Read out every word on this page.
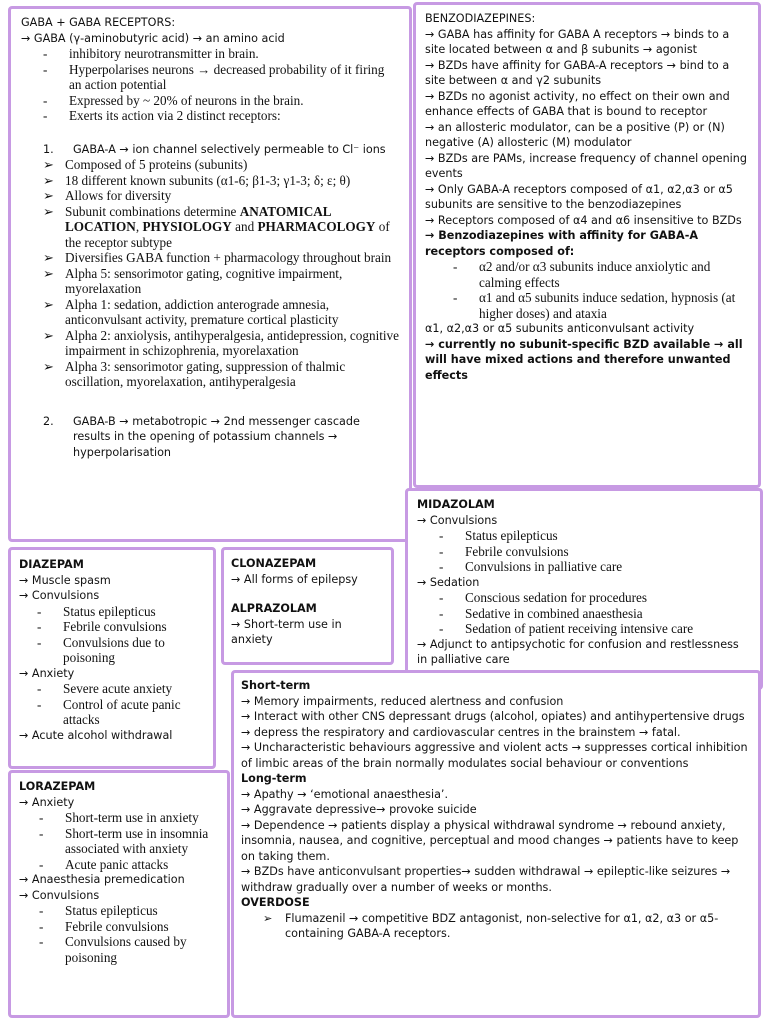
GABA + GABA RECEPTORS:
→ GABA (γ-aminobutyric acid) → an amino acid
-	inhibitory neurotransmitter in brain.
-	Hyperpolarises neurons → decreased probability of it firing an action potential
-	Expressed by ~ 20% of neurons in the brain.
-	Exerts its action via 2 distinct receptors:
1.	GABA-A → ion channel selectively permeable to Cl⁻ ions
➢ Composed of 5 proteins (subunits)
➢ 18 different known subunits (α1-6; β1-3; γ1-3; δ; ε; θ)
➢ Allows for diversity
➢ Subunit combinations determine ANATOMICAL LOCATION, PHYSIOLOGY and PHARMACOLOGY of the receptor subtype
➢ Diversifies GABA function + pharmacology throughout brain
➢ Alpha 5: sensorimotor gating, cognitive impairment, myorelaxation
➢ Alpha 1: sedation, addiction anterograde amnesia, anticonvulsant activity, premature cortical plasticity
➢ Alpha 2: anxiolysis, antihyperalgesia, antidepression, cognitive impairment in schizophrenia, myorelaxation
➢ Alpha 3: sensorimotor gating, suppression of thalmic oscillation, myorelaxation, antihyperalgesia
2.	GABA-B → metabotropic → 2nd messenger cascade results in the opening of potassium channels → hyperpolarisation
BENZODIAZEPINES:
→ GABA has affinity for GABA A receptors → binds to a site located between α and β subunits → agonist
→ BZDs have affinity for GABA-A receptors → bind to a site between α and γ2 subunits
→ BZDs no agonist activity, no effect on their own and enhance effects of GABA that is bound to receptor
→ an allosteric modulator, can be a positive (P) or (N) negative (A) allosteric (M) modulator
→ BZDs are PAMs, increase frequency of channel opening events
→ Only GABA-A receptors composed of α1, α2,α3 or α5 subunits are sensitive to the benzodiazepines
→ Receptors composed of α4 and α6 insensitive to BZDs
→ Benzodiazepines with affinity for GABA-A receptors composed of:
-	α2 and/or α3 subunits induce anxiolytic and calming effects
-	α1 and α5 subunits induce sedation, hypnosis (at higher doses) and ataxia
α1, α2,α3 or α5 subunits anticonvulsant activity
→ currently no subunit-specific BZD available → all will have mixed actions and therefore unwanted effects
MIDAZOLAM
→ Convulsions
-	Status epilepticus
-	Febrile convulsions
-	Convulsions in palliative care
→ Sedation
-	Conscious sedation for procedures
-	Sedative in combined anaesthesia
-	Sedation of patient receiving intensive care
→ Adjunct to antipsychotic for confusion and restlessness in palliative care
DIAZEPAM
→ Muscle spasm
→ Convulsions
-	Status epilepticus
-	Febrile convulsions
-	Convulsions due to poisoning
→ Anxiety
-	Severe acute anxiety
-	Control of acute panic attacks
→ Acute alcohol withdrawal
CLONAZEPAM
→ All forms of epilepsy
ALPRAZOLAM
→ Short-term use in anxiety
LORAZEPAM
→ Anxiety
-	Short-term use in anxiety
-	Short-term use in insomnia associated with anxiety
-	Acute panic attacks
→ Anaesthesia premedication
→ Convulsions
-	Status epilepticus
-	Febrile convulsions
-	Convulsions caused by poisoning
Short-term
→ Memory impairments, reduced alertness and confusion
→ Interact with other CNS depressant drugs (alcohol, opiates) and antihypertensive drugs → depress the respiratory and cardiovascular centres in the brainstem → fatal.
→ Uncharacteristic behaviours aggressive and violent acts → suppresses cortical inhibition of limbic areas of the brain normally modulates social behaviour or conventions
Long-term
→ Apathy → ‘emotional anaesthesia’.
→ Aggravate depressive→ provoke suicide
→ Dependence → patients display a physical withdrawal syndrome → rebound anxiety, insomnia, nausea, and cognitive, perceptual and mood changes → patients have to keep on taking them.
→ BZDs have anticonvulsant properties→ sudden withdrawal → epileptic-like seizures → withdraw gradually over a number of weeks or months.
OVERDOSE
➢	Flumazenil → competitive BDZ antagonist, non-selective for α1, α2, α3 or α5-containing GABA-A receptors.
